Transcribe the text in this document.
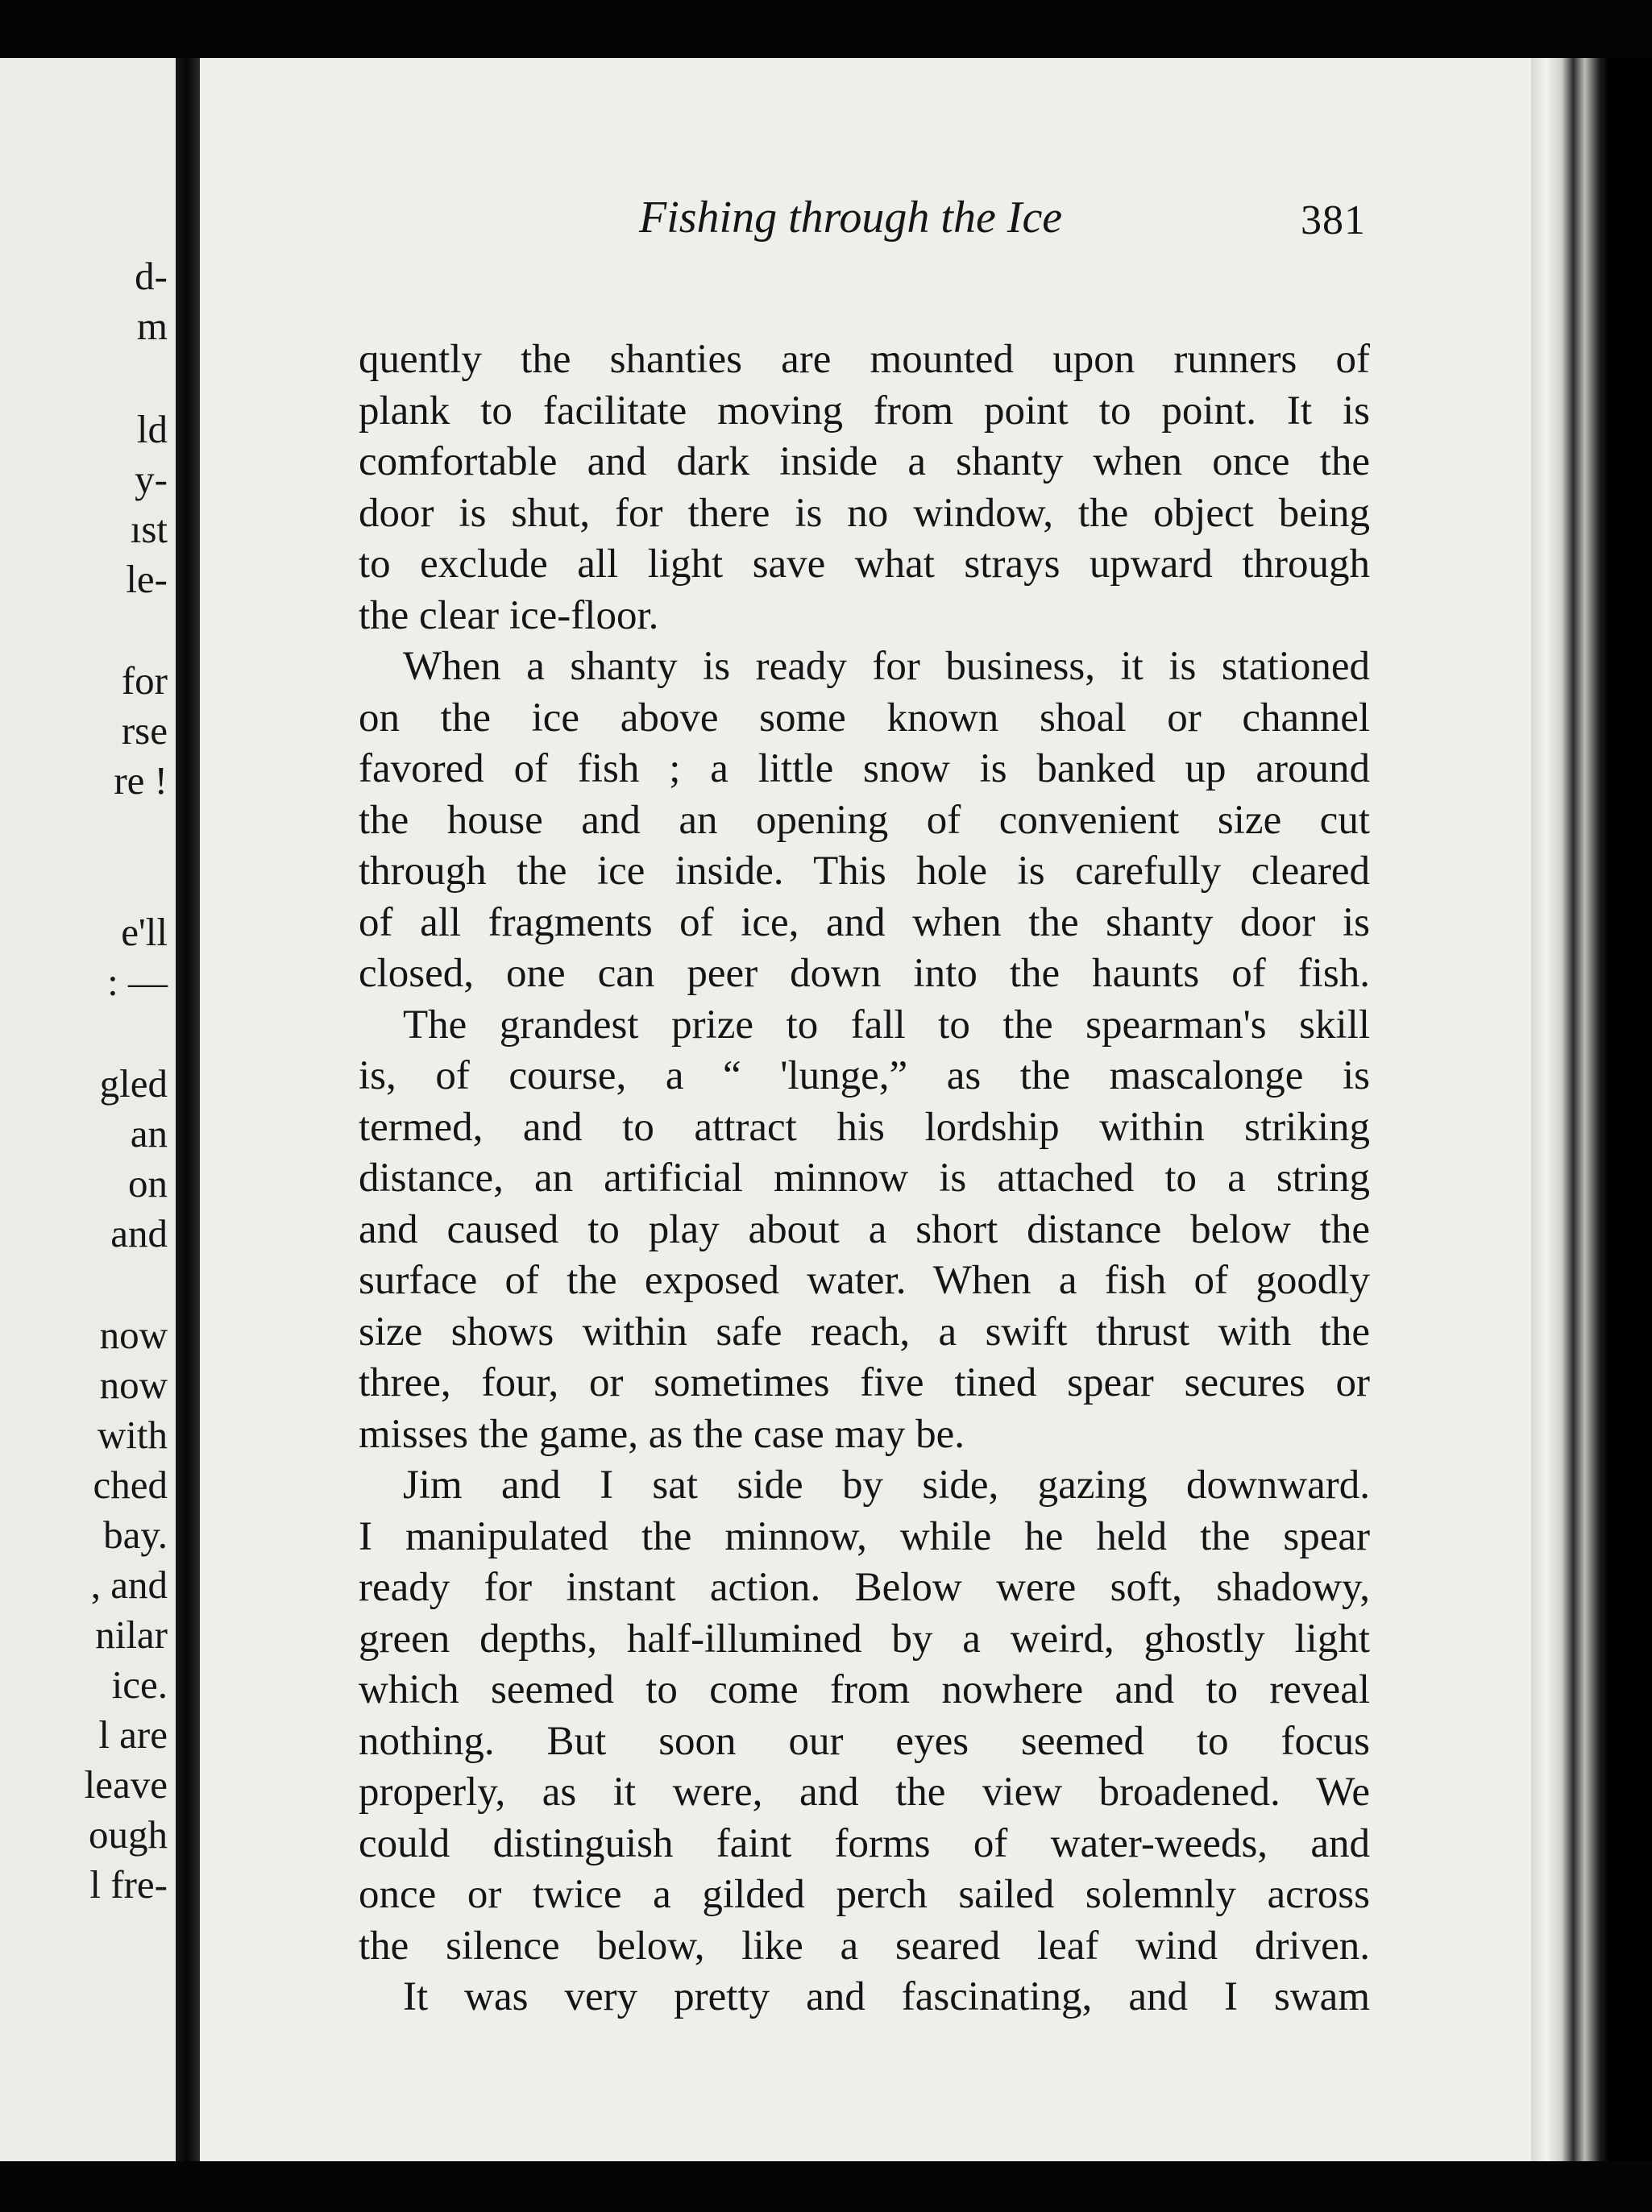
d-
m
ld
y-
ıst
le-
for
rse
re !
e'll
: —
gled
an
on
and
now
now
with
ched
bay.
, and
nilar
ice.
l are
leave
ough
l fre-
Fishing through the Ice	381
quently the shanties are mounted upon runners of
plank to facilitate moving from point to point. It is
comfortable and dark inside a shanty when once the
door is shut, for there is no window, the object being
to exclude all light save what strays upward through
the clear ice-floor.
When a shanty is ready for business, it is stationed
on the ice above some known shoal or channel
favored of fish ; a little snow is banked up around
the house and an opening of convenient size cut
through the ice inside. This hole is carefully cleared
of all fragments of ice, and when the shanty door is
closed, one can peer down into the haunts of fish.
The grandest prize to fall to the spearman's skill
is, of course, a “ 'lunge,” as the mascalonge is
termed, and to attract his lordship within striking
distance, an artificial minnow is attached to a string
and caused to play about a short distance below the
surface of the exposed water. When a fish of goodly
size shows within safe reach, a swift thrust with the
three, four, or sometimes five tined spear secures or
misses the game, as the case may be.
Jim and I sat side by side, gazing downward.
I manipulated the minnow, while he held the spear
ready for instant action. Below were soft, shadowy,
green depths, half-illumined by a weird, ghostly light
which seemed to come from nowhere and to reveal
nothing. But soon our eyes seemed to focus
properly, as it were, and the view broadened. We
could distinguish faint forms of water-weeds, and
once or twice a gilded perch sailed solemnly across
the silence below, like a seared leaf wind driven.
It was very pretty and fascinating, and I swam
